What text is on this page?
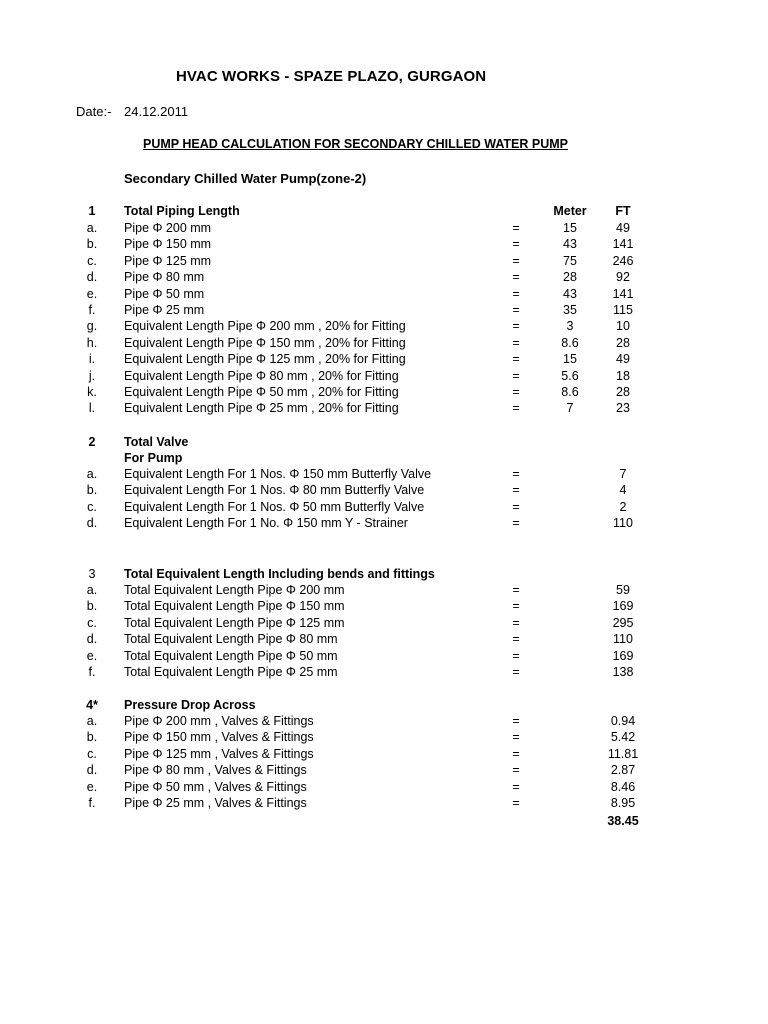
HVAC WORKS - SPAZE PLAZO, GURGAON
Date:- 24.12.2011
PUMP HEAD CALCULATION FOR SECONDARY CHILLED WATER PUMP
Secondary Chilled Water Pump(zone-2)
1	Total Piping Length	Meter	FT
a.	Pipe Φ 200 mm	=	15	49
b.	Pipe Φ 150 mm	=	43	141
c.	Pipe Φ 125 mm	=	75	246
d.	Pipe Φ 80 mm	=	28	92
e.	Pipe Φ 50 mm	=	43	141
f.	Pipe Φ 25 mm	=	35	115
g.	Equivalent Length Pipe Φ 200 mm , 20% for Fitting	=	3	10
h.	Equivalent Length Pipe Φ 150 mm , 20% for Fitting	=	8.6	28
i.	Equivalent Length Pipe Φ 125 mm , 20% for Fitting	=	15	49
j.	Equivalent Length Pipe Φ 80 mm , 20% for Fitting	=	5.6	18
k.	Equivalent Length Pipe Φ 50 mm , 20% for Fitting	=	8.6	28
l.	Equivalent Length Pipe Φ 25 mm , 20% for Fitting	=	7	23
2	Total Valve
For Pump
a.	Equivalent Length For 1 Nos. Φ 150 mm Butterfly Valve	=	7
b.	Equivalent Length For 1 Nos. Φ 80 mm Butterfly Valve	=	4
c.	Equivalent Length For 1 Nos. Φ 50 mm Butterfly Valve	=	2
d.	Equivalent Length For 1 No. Φ 150 mm Y - Strainer	=	110
3	Total Equivalent Length Including bends and fittings
a.	Total Equivalent Length Pipe Φ 200 mm	=	59
b.	Total Equivalent Length Pipe Φ 150 mm	=	169
c.	Total Equivalent Length Pipe Φ 125 mm	=	295
d.	Total Equivalent Length Pipe Φ 80 mm	=	110
e.	Total Equivalent Length Pipe Φ 50 mm	=	169
f.	Total Equivalent Length Pipe Φ 25 mm	=	138
4*	Pressure Drop Across
a.	Pipe Φ 200 mm , Valves & Fittings	=	0.94
b.	Pipe Φ 150 mm , Valves & Fittings	=	5.42
c.	Pipe Φ 125 mm , Valves & Fittings	=	11.81
d.	Pipe Φ 80 mm , Valves & Fittings	=	2.87
e.	Pipe Φ 50 mm , Valves & Fittings	=	8.46
f.	Pipe Φ 25 mm , Valves & Fittings	=	8.95
38.45
